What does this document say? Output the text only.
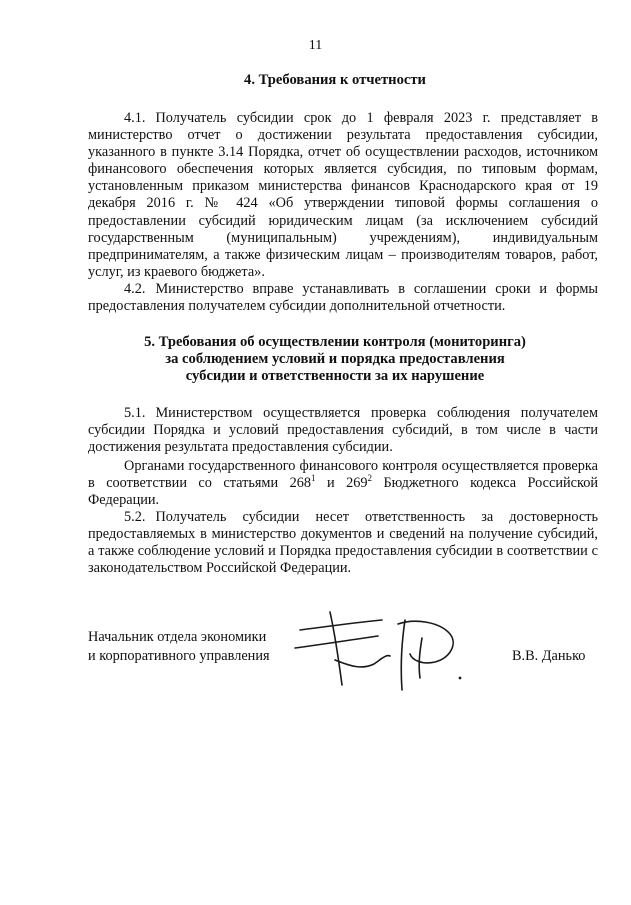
11
4. Требования к отчетности

4.1. Получатель субсидии срок до 1 февраля 2023 г. представляет в министерство отчет о достижении результата предоставления субсидии, указанного в пункте 3.14 Порядка, отчет об осуществлении расходов, источником финансового обеспечения которых является субсидия, по типовым формам, установленным приказом министерства финансов Краснодарского края от 19 декабря 2016 г. № 424 «Об утверждении типовой формы соглашения о предоставлении субсидий юридическим лицам (за исключением субсидий государственным (муниципальным) учреждениям), индивидуальным предпринимателям, а также физическим лицам – производителям товаров, работ, услуг, из краевого бюджета».

4.2. Министерство вправе устанавливать в соглашении сроки и формы предоставления получателем субсидии дополнительной отчетности.

5. Требования об осуществлении контроля (мониторинга)
за соблюдением условий и порядка предоставления
субсидии и ответственности за их нарушение

5.1. Министерством осуществляется проверка соблюдения получателем субсидии Порядка и условий предоставления субсидий, в том числе в части достижения результата предоставления субсидии.

Органами государственного финансового контроля осуществляется проверка в соответствии со статьями $268^1$ и $269^2$ Бюджетного кодекса Российской Федерации.

5.2. Получатель субсидии несет ответственность за достоверность предоставляемых в министерство документов и сведений на получение субсидий, а также соблюдение условий и Порядка предоставления субсидии в соответствии с законодательством Российской Федерации.

Начальник отдела экономики
и корпоративного управления	В.В. Данько
